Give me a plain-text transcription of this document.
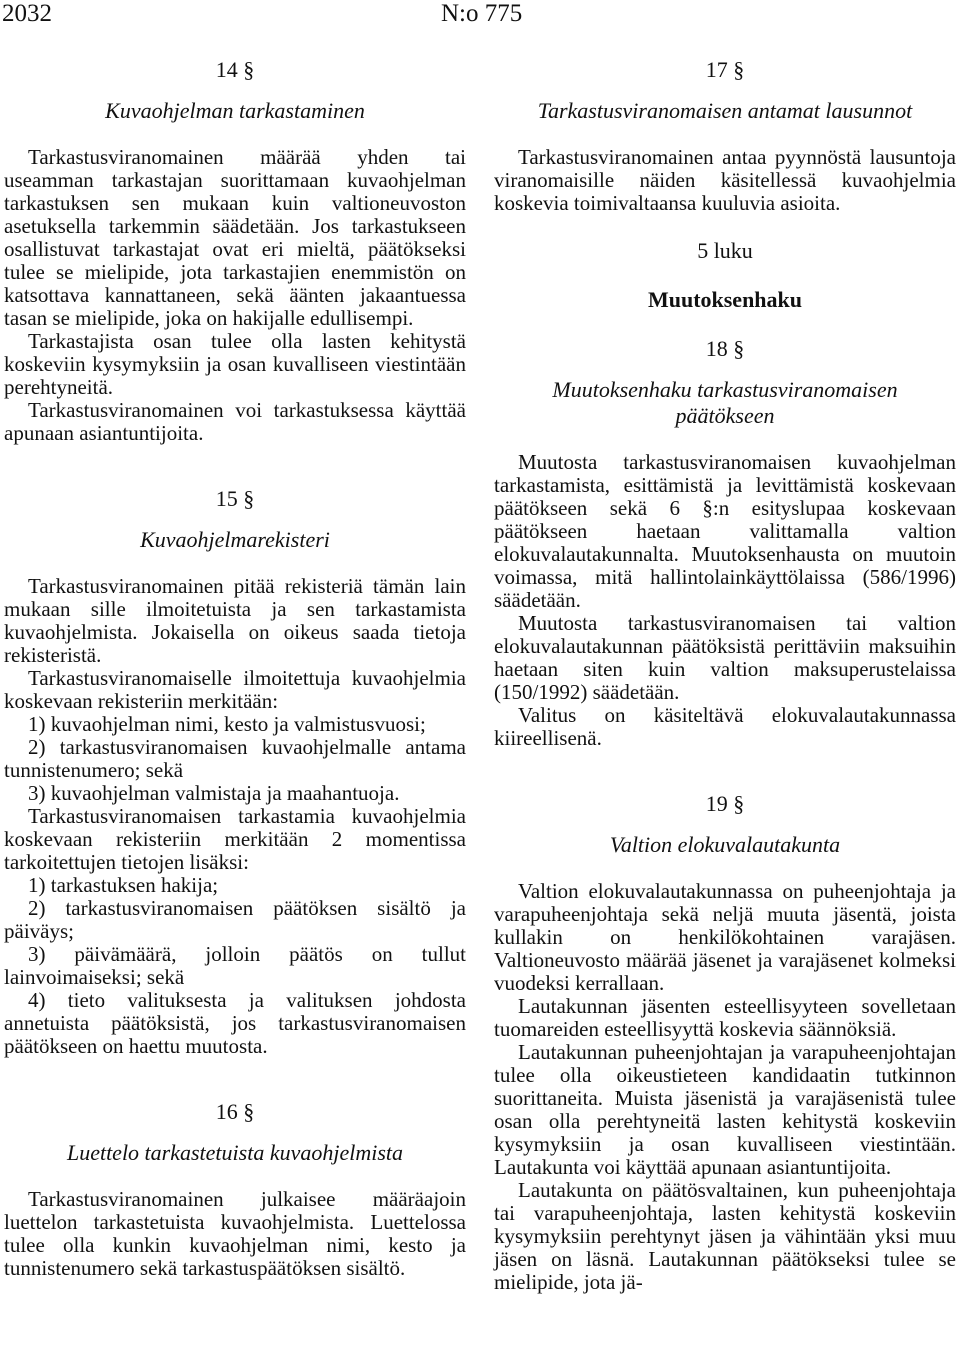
2032	N:o 775
14 §
Kuvaohjelman tarkastaminen

Tarkastusviranomainen määrää yhden tai useamman tarkastajan suorittamaan kuvaohjelman tarkastuksen sen mukaan kuin valtioneuvoston asetuksella tarkemmin säädetään. Jos tarkastukseen osallistuvat tarkastajat ovat eri mieltä, päätökseksi tulee se mielipide, jota tarkastajien enemmistön on katsottava kannattaneen, sekä äänten jakaantuessa tasan se mielipide, joka on hakijalle edullisempi.

Tarkastajista osan tulee olla lasten kehitystä koskeviin kysymyksiin ja osan kuvalliseen viestintään perehtyneitä.

Tarkastusviranomainen voi tarkastuksessa käyttää apunaan asiantuntijoita.

15 §
Kuvaohjelmarekisteri

Tarkastusviranomainen pitää rekisteriä tämän lain mukaan sille ilmoitetuista ja sen tarkastamista kuvaohjelmista. Jokaisella on oikeus saada tietoja rekisteristä.

Tarkastusviranomaiselle ilmoitettuja kuvaohjelmia koskevaan rekisteriin merkitään:

1) kuvaohjelman nimi, kesto ja valmistusvuosi;

2) tarkastusviranomaisen kuvaohjelmalle antama tunnistenumero; sekä

3) kuvaohjelman valmistaja ja maahantuoja.

Tarkastusviranomaisen tarkastamia kuvaohjelmia koskevaan rekisteriin merkitään 2 momentissa tarkoitettujen tietojen lisäksi:

1) tarkastuksen hakija;

2) tarkastusviranomaisen päätöksen sisältö ja päiväys;

3) päivämäärä, jolloin päätös on tullut lainvoimaiseksi; sekä

4) tieto valituksesta ja valituksen johdosta annetuista päätöksistä, jos tarkastusviranomaisen päätökseen on haettu muutosta.

16 §
Luettelo tarkastetuista kuvaohjelmista

Tarkastusviranomainen julkaisee määräajoin luettelon tarkastetuista kuvaohjelmista. Luettelossa tulee olla kunkin kuvaohjelman nimi, kesto ja tunnistenumero sekä tarkastuspäätöksen sisältö.

17 §
Tarkastusviranomaisen antamat lausunnot

Tarkastusviranomainen antaa pyynnöstä lausuntoja viranomaisille näiden käsitellessä kuvaohjelmia koskevia toimivaltaansa kuuluvia asioita.

5 luku
Muutoksenhaku
18 §
Muutoksenhaku tarkastusviranomaisen
päätökseen

Muutosta tarkastusviranomaisen kuvaohjelman tarkastamista, esittämistä ja levittämistä koskevaan päätökseen sekä 6 §:n esityslupaa koskevaan päätökseen haetaan valittamalla valtion elokuvalautakunnalta. Muutoksenhausta on muutoin voimassa, mitä hallintolainkäyttölaissa (586/1996) säädetään.

Muutosta tarkastusviranomaisen tai valtion elokuvalautakunnan päätöksistä perittäviin maksuihin haetaan siten kuin valtion maksuperustelaissa (150/1992) säädetään.

Valitus on käsiteltävä elokuvalautakunnassa kiireellisenä.

19 §
Valtion elokuvalautakunta

Valtion elokuvalautakunnassa on puheenjohtaja ja varapuheenjohtaja sekä neljä muuta jäsentä, joista kullakin on henkilökohtainen varajäsen. Valtioneuvosto määrää jäsenet ja varajäsenet kolmeksi vuodeksi kerrallaan.

Lautakunnan jäsenten esteellisyyteen sovelletaan tuomareiden esteellisyyttä koskevia säännöksiä.

Lautakunnan puheenjohtajan ja varapuheenjohtajan tulee olla oikeustieteen kandidaatin tutkinnon suorittaneita. Muista jäsenistä ja varajäsenistä tulee osan olla perehtyneitä lasten kehitystä koskeviin kysymyksiin ja osan kuvalliseen viestintään. Lautakunta voi käyttää apunaan asiantuntijoita.

Lautakunta on päätösvaltainen, kun puheenjohtaja tai varapuheenjohtaja, lasten kehitystä koskeviin kysymyksiin perehtynyt jäsen ja vähintään yksi muu jäsen on läsnä. Lautakunnan päätökseksi tulee se mielipide, jota jä-
